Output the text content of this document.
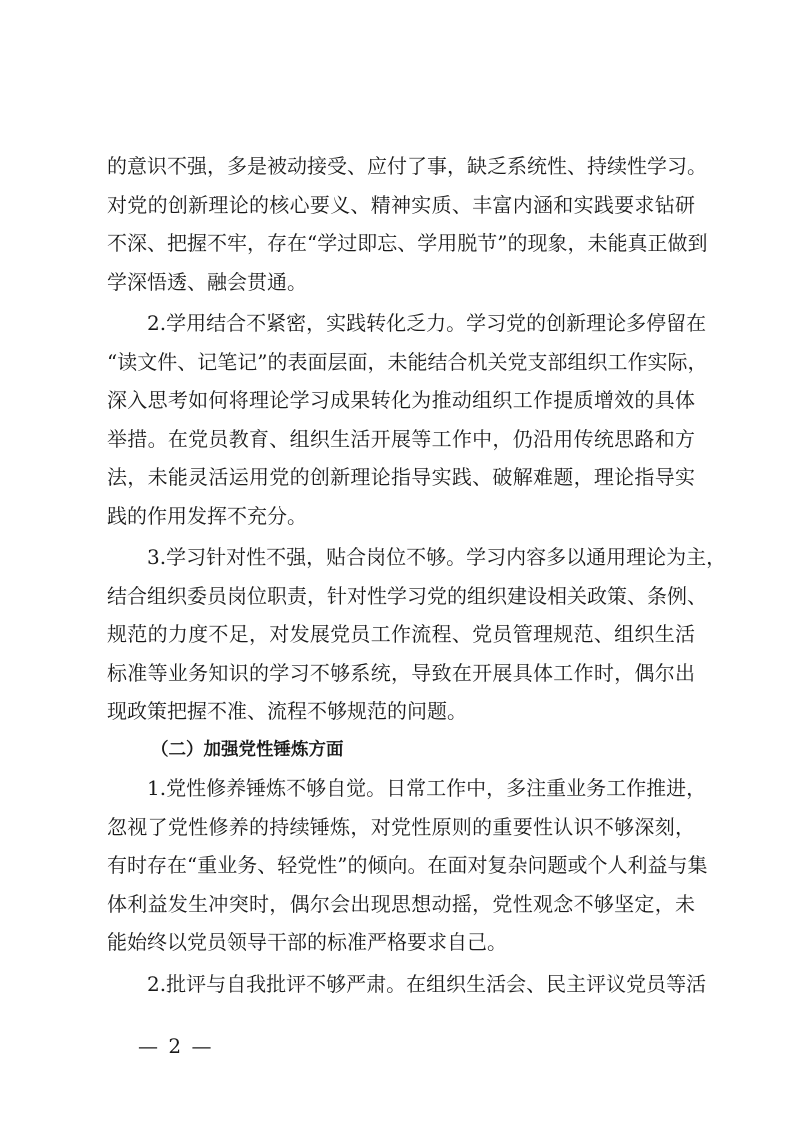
的意识不强，多是被动接受、应付了事，缺乏系统性、持续性学习。
对党的创新理论的核心要义、精神实质、丰富内涵和实践要求钻研
不深、把握不牢，存在“学过即忘、学用脱节”的现象，未能真正做到
学深悟透、融会贯通。
2.学用结合不紧密，实践转化乏力。学习党的创新理论多停留在
“读文件、记笔记”的表面层面，未能结合机关党支部组织工作实际，
深入思考如何将理论学习成果转化为推动组织工作提质增效的具体
举措。在党员教育、组织生活开展等工作中，仍沿用传统思路和方
法，未能灵活运用党的创新理论指导实践、破解难题，理论指导实
践的作用发挥不充分。
3.学习针对性不强，贴合岗位不够。学习内容多以通用理论为主，
结合组织委员岗位职责，针对性学习党的组织建设相关政策、条例、
规范的力度不足，对发展党员工作流程、党员管理规范、组织生活
标准等业务知识的学习不够系统，导致在开展具体工作时，偶尔出
现政策把握不准、流程不够规范的问题。
（二）加强党性锤炼方面
1.党性修养锤炼不够自觉。日常工作中，多注重业务工作推进，
忽视了党性修养的持续锤炼，对党性原则的重要性认识不够深刻，
有时存在“重业务、轻党性”的倾向。在面对复杂问题或个人利益与集
体利益发生冲突时，偶尔会出现思想动摇，党性观念不够坚定，未
能始终以党员领导干部的标准严格要求自己。
2.批评与自我批评不够严肃。在组织生活会、民主评议党员等活
— 2 —
